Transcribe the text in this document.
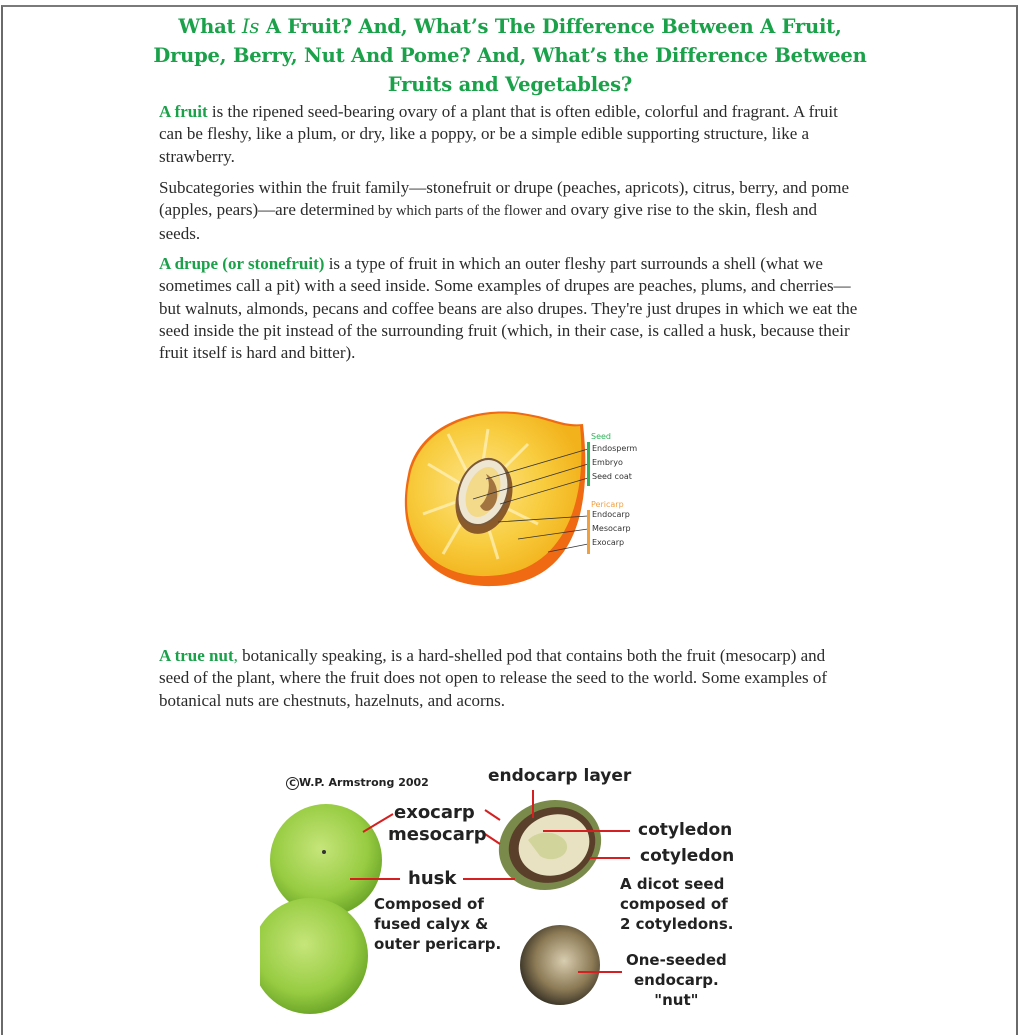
What Is A Fruit? And, What’s The Difference Between A Fruit, Drupe, Berry, Nut And Pome? And, What’s the Difference Between Fruits and Vegetables?

A fruit is the ripened seed-bearing ovary of a plant that is often edible, colorful and fragrant. A fruit can be fleshy, like a plum, or dry, like a poppy, or be a simple edible supporting structure, like a strawberry.

Subcategories within the fruit family—stonefruit or drupe (peaches, apricots), citrus, berry, and pome (apples, pears)—are determined by which parts of the flower and ovary give rise to the skin, flesh and seeds.

A drupe (or stonefruit) is a type of fruit in which an outer fleshy part surrounds a shell (what we sometimes call a pit) with a seed inside. Some examples of drupes are peaches, plums, and cherries—but walnuts, almonds, pecans and coffee beans are also drupes. They're just drupes in which we eat the seed inside the pit instead of the surrounding fruit (which, in their case, is called a husk, because their fruit itself is hard and bitter).

Seed
Endosperm
Embryo
Seed coat
Pericarp
Endocarp
Mesocarp
Exocarp

A true nut, botanically speaking, is a hard-shelled pod that contains both the fruit (mesocarp) and seed of the plant, where the fruit does not open to release the seed to the world. Some examples of botanical nuts are chestnuts, hazelnuts, and acorns.

C W.P. Armstrong 2002	endocarp layer
exocarp
mesocarp	cotyledon
cotyledon
husk
Composed of
fused calyx &
outer pericarp.
A dicot seed
composed of
2 cotyledons.
One-seeded
endocarp.
"nut"
